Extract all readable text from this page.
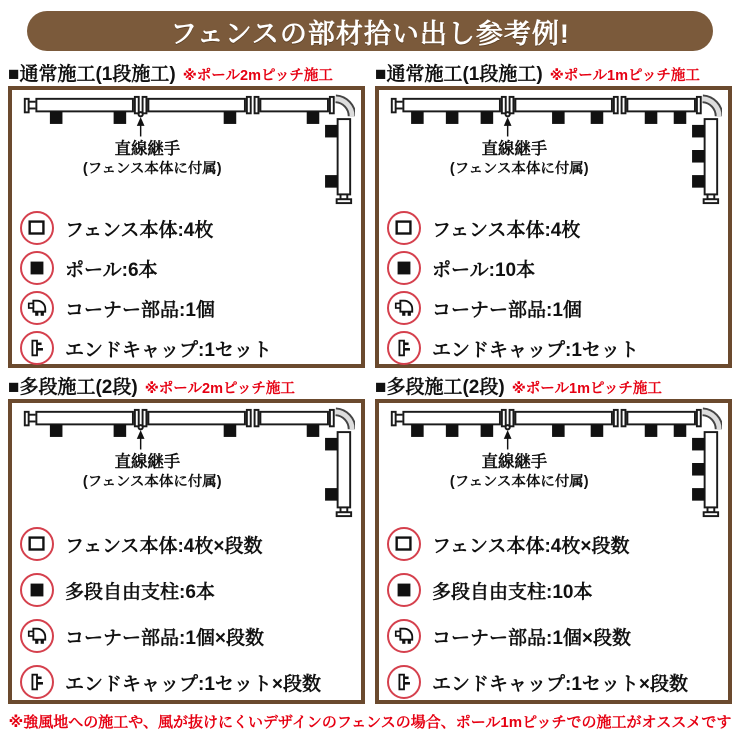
フェンスの部材拾い出し参考例!
■通常施工(1段施工) ※ポール2mピッチ施工
直線継手
(フェンス本体に付属)
フェンス本体:4枚
ポール:6本
コーナー部品:1個
エンドキャップ:1セット
■通常施工(1段施工) ※ポール1mピッチ施工
直線継手
(フェンス本体に付属)
フェンス本体:4枚
ポール:10本
コーナー部品:1個
エンドキャップ:1セット
■多段施工(2段) ※ポール2mピッチ施工
直線継手
(フェンス本体に付属)
フェンス本体:4枚×段数
多段自由支柱:6本
コーナー部品:1個×段数
エンドキャップ:1セット×段数
■多段施工(2段) ※ポール1mピッチ施工
直線継手
(フェンス本体に付属)
フェンス本体:4枚×段数
多段自由支柱:10本
コーナー部品:1個×段数
エンドキャップ:1セット×段数
※強風地への施工や、風が抜けにくいデザインのフェンスの場合、ポール1mピッチでの施工がオススメです
